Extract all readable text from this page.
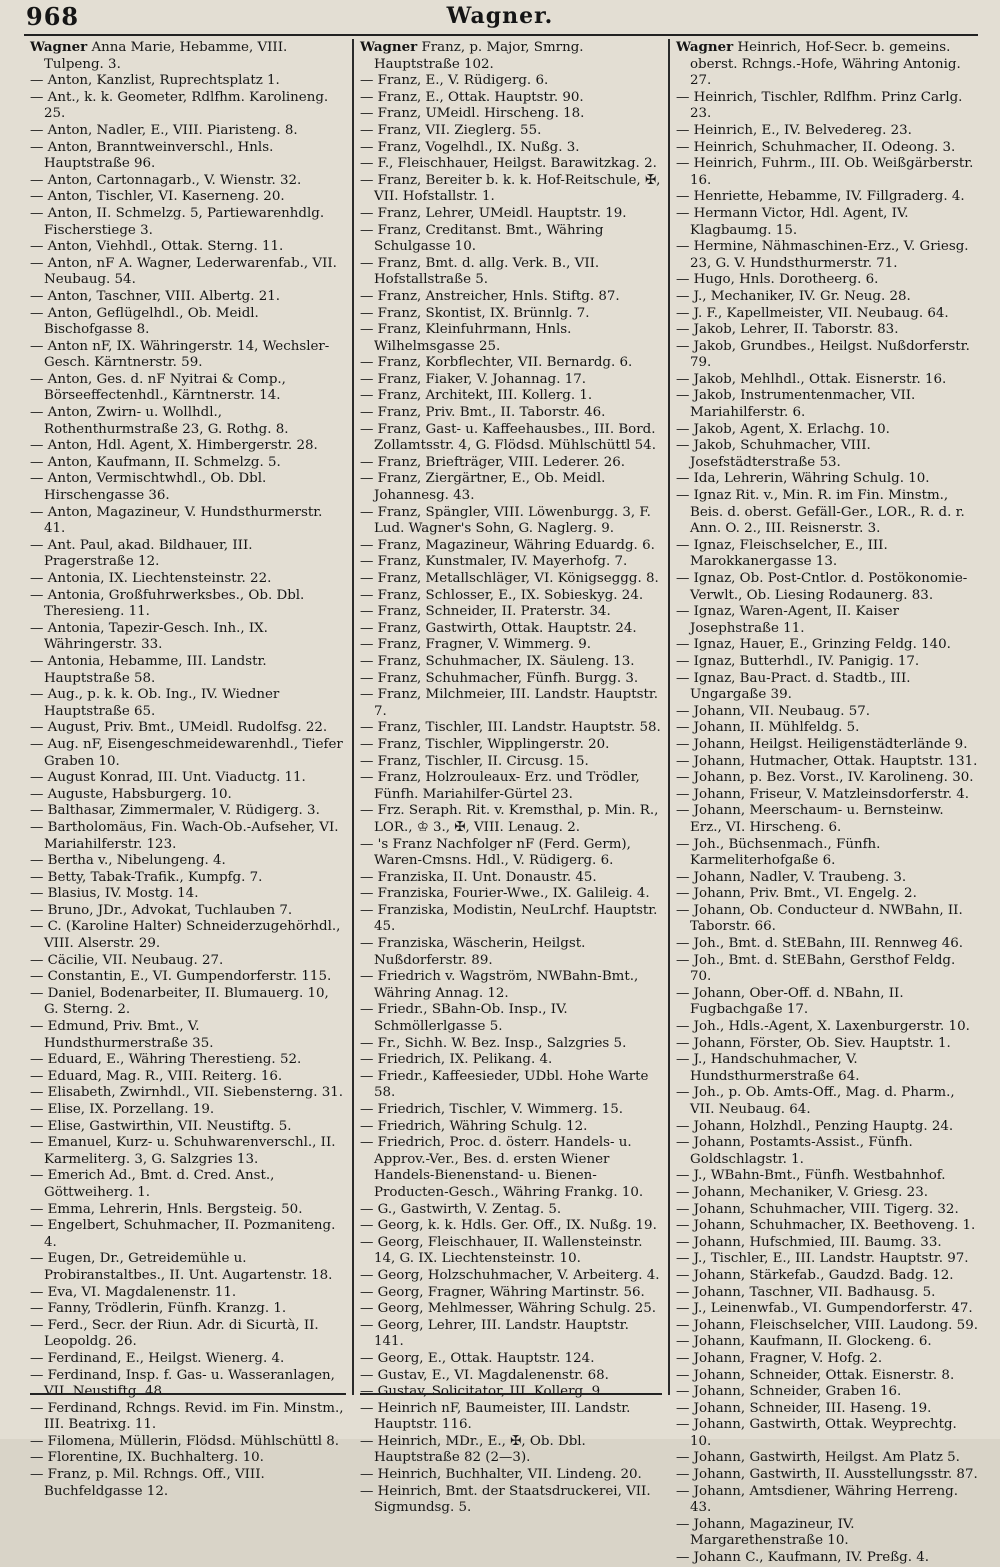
968	Wagner.
Wagner Anna Marie, Hebamme, VIII. Tulpeng. 3.
— Anton, Kanzlist, Ruprechtsplatz 1.
— Ant., k. k. Geometer, Rdlfhm. Karolineng. 25.
— Anton, Nadler, E., VIII. Piaristeng. 8.
— Anton, Branntweinverschl., Hnls. Hauptstraße 96.
— Anton, Cartonnagarb., V. Wienstr. 32.
— Anton, Tischler, VI. Kaserneng. 20.
— Anton, II. Schmelzg. 5, Partiewarenhdlg. Fischerstiege 3.
— Anton, Viehhdl., Ottak. Sterng. 11.
— Anton, nF A. Wagner, Lederwarenfab., VII. Neubaug. 54.
— Anton, Taschner, VIII. Albertg. 21.
— Anton, Geflügelhdl., Ob. Meidl. Bischofgasse 8.
— Anton nF, IX. Währingerstr. 14, Wechsler-Gesch. Kärntnerstr. 59.
— Anton, Ges. d. nF Nyitrai & Comp., Börseeffectenhdl., Kärntnerstr. 14.
— Anton, Zwirn- u. Wollhdl., Rothenthurmstraße 23, G. Rothg. 8.
— Anton, Hdl. Agent, X. Himbergerstr. 28.
— Anton, Kaufmann, II. Schmelzg. 5.
— Anton, Vermischtwhdl., Ob. Dbl. Hirschengasse 36.
— Anton, Magazineur, V. Hundsthurmerstr. 41.
— Ant. Paul, akad. Bildhauer, III. Pragerstraße 12.
— Antonia, IX. Liechtensteinstr. 22.
— Antonia, Großfuhrwerksbes., Ob. Dbl. Theresieng. 11.
— Antonia, Tapezir-Gesch. Inh., IX. Währingerstr. 33.
— Antonia, Hebamme, III. Landstr. Hauptstraße 58.
— Aug., p. k. k. Ob. Ing., IV. Wiedner Hauptstraße 65.
— August, Priv. Bmt., UMeidl. Rudolfsg. 22.
— Aug. nF, Eisengeschmeidewarenhdl., Tiefer Graben 10.
— August Konrad, III. Unt. Viaductg. 11.
— Auguste, Habsburgerg. 10.
— Balthasar, Zimmermaler, V. Rüdigerg. 3.
— Bartholomäus, Fin. Wach-Ob.-Aufseher, VI. Mariahilferstr. 123.
— Bertha v., Nibelungeng. 4.
— Betty, Tabak-Trafik., Kumpfg. 7.
— Blasius, IV. Mostg. 14.
— Bruno, JDr., Advokat, Tuchlauben 7.
— C. (Karoline Halter) Schneiderzugehörhdl., VIII. Alserstr. 29.
— Cäcilie, VII. Neubaug. 27.
— Constantin, E., VI. Gumpendorferstr. 115.
— Daniel, Bodenarbeiter, II. Blumauerg. 10, G. Sterng. 2.
— Edmund, Priv. Bmt., V. Hundsthurmerstraße 35.
— Eduard, E., Währing Therestieng. 52.
— Eduard, Mag. R., VIII. Reiterg. 16.
— Elisabeth, Zwirnhdl., VII. Siebensterng. 31.
— Elise, IX. Porzellang. 19.
— Elise, Gastwirthin, VII. Neustiftg. 5.
— Emanuel, Kurz- u. Schuhwarenverschl., II. Karmeliterg. 3, G. Salzgries 13.
— Emerich Ad., Bmt. d. Cred. Anst., Göttweiherg. 1.
— Emma, Lehrerin, Hnls. Bergsteig. 50.
— Engelbert, Schuhmacher, II. Pozmaniteng. 4.
— Eugen, Dr., Getreidemühle u. Probiranstaltbes., II. Unt. Augartenstr. 18.
— Eva, VI. Magdalenenstr. 11.
— Fanny, Trödlerin, Fünfh. Kranzg. 1.
— Ferd., Secr. der Riun. Adr. di Sicurtà, II. Leopoldg. 26.
— Ferdinand, E., Heilgst. Wienerg. 4.
— Ferdinand, Insp. f. Gas- u. Wasseranlagen, VII. Neustiftg. 48.
— Ferdinand, Rchngs. Revid. im Fin. Minstm., III. Beatrixg. 11.
— Filomena, Müllerin, Flödsd. Mühlschüttl 8.
— Florentine, IX. Buchhalterg. 10.
— Franz, p. Mil. Rchngs. Off., VIII. Buchfeldgasse 12.
Wagner Franz, p. Major, Smrng. Hauptstraße 102.
— Franz, E., V. Rüdigerg. 6.
— Franz, E., Ottak. Hauptstr. 90.
— Franz, UMeidl. Hirscheng. 18.
— Franz, VII. Zieglerg. 55.
— Franz, Vogelhdl., IX. Nußg. 3.
— F., Fleischhauer, Heilgst. Barawitzkag. 2.
— Franz, Bereiter b. k. k. Hof-Reitschule, ✠, VII. Hofstallstr. 1.
— Franz, Lehrer, UMeidl. Hauptstr. 19.
— Franz, Creditanst. Bmt., Währing Schulgasse 10.
— Franz, Bmt. d. allg. Verk. B., VII. Hofstallstraße 5.
— Franz, Anstreicher, Hnls. Stiftg. 87.
— Franz, Skontist, IX. Brünnlg. 7.
— Franz, Kleinfuhrmann, Hnls. Wilhelmsgasse 25.
— Franz, Korbflechter, VII. Bernardg. 6.
— Franz, Fiaker, V. Johannag. 17.
— Franz, Architekt, III. Kollerg. 1.
— Franz, Priv. Bmt., II. Taborstr. 46.
— Franz, Gast- u. Kaffeehausbes., III. Bord. Zollamtsstr. 4, G. Flödsd. Mühlschüttl 54.
— Franz, Briefträger, VIII. Lederer. 26.
— Franz, Ziergärtner, E., Ob. Meidl. Johannesg. 43.
— Franz, Spängler, VIII. Löwenburgg. 3, F. Lud. Wagner's Sohn, G. Naglerg. 9.
— Franz, Magazineur, Währing Eduardg. 6.
— Franz, Kunstmaler, IV. Mayerhofg. 7.
— Franz, Metallschläger, VI. Königseggg. 8.
— Franz, Schlosser, E., IX. Sobieskyg. 24.
— Franz, Schneider, II. Praterstr. 34.
— Franz, Gastwirth, Ottak. Hauptstr. 24.
— Franz, Fragner, V. Wimmerg. 9.
— Franz, Schuhmacher, IX. Säuleng. 13.
— Franz, Schuhmacher, Fünfh. Burgg. 3.
— Franz, Milchmeier, III. Landstr. Hauptstr. 7.
— Franz, Tischler, III. Landstr. Hauptstr. 58.
— Franz, Tischler, Wipplingerstr. 20.
— Franz, Tischler, II. Circusg. 15.
— Franz, Holzrouleaux- Erz. und Trödler, Fünfh. Mariahilfer-Gürtel 23.
— Frz. Seraph. Rit. v. Kremsthal, p. Min. R., LOR., ♔ 3., ✠, VIII. Lenaug. 2.
— 's Franz Nachfolger nF (Ferd. Germ), Waren-Cmsns. Hdl., V. Rüdigerg. 6.
— Franziska, II. Unt. Donaustr. 45.
— Franziska, Fourier-Wwe., IX. Galileig. 4.
— Franziska, Modistin, NeuLrchf. Hauptstr. 45.
— Franziska, Wäscherin, Heilgst. Nußdorferstr. 89.
— Friedrich v. Wagström, NWBahn-Bmt., Währing Annag. 12.
— Friedr., SBahn-Ob. Insp., IV. Schmöllerlgasse 5.
— Fr., Sichh. W. Bez. Insp., Salzgries 5.
— Friedrich, IX. Pelikang. 4.
— Friedr., Kaffeesieder, UDbl. Hohe Warte 58.
— Friedrich, Tischler, V. Wimmerg. 15.
— Friedrich, Währing Schulg. 12.
— Friedrich, Proc. d. österr. Handels- u. Approv.-Ver., Bes. d. ersten Wiener Handels-Bienenstand- u. Bienen-Producten-Gesch., Währing Frankg. 10.
— G., Gastwirth, V. Zentag. 5.
— Georg, k. k. Hdls. Ger. Off., IX. Nußg. 19.
— Georg, Fleischhauer, II. Wallensteinstr. 14, G. IX. Liechtensteinstr. 10.
— Georg, Holzschuhmacher, V. Arbeiterg. 4.
— Georg, Fragner, Währing Martinstr. 56.
— Georg, Mehlmesser, Währing Schulg. 25.
— Georg, Lehrer, III. Landstr. Hauptstr. 141.
— Georg, E., Ottak. Hauptstr. 124.
— Gustav, E., VI. Magdalenenstr. 68.
— Gustav, Solicitator, III. Kollerg. 9.
— Heinrich nF, Baumeister, III. Landstr. Hauptstr. 116.
— Heinrich, MDr., E., ✠, Ob. Dbl. Hauptstraße 82 (2—3).
— Heinrich, Buchhalter, VII. Lindeng. 20.
— Heinrich, Bmt. der Staatsdruckerei, VII. Sigmundsg. 5.
Wagner Heinrich, Hof-Secr. b. gemeins. oberst. Rchngs.-Hofe, Währing Antonig. 27.
— Heinrich, Tischler, Rdlfhm. Prinz Carlg. 23.
— Heinrich, E., IV. Belvedereg. 23.
— Heinrich, Schuhmacher, II. Odeong. 3.
— Heinrich, Fuhrm., III. Ob. Weißgärberstr. 16.
— Henriette, Hebamme, IV. Fillgraderg. 4.
— Hermann Victor, Hdl. Agent, IV. Klagbaumg. 15.
— Hermine, Nähmaschinen-Erz., V. Griesg. 23, G. V. Hundsthurmerstr. 71.
— Hugo, Hnls. Dorotheerg. 6.
— J., Mechaniker, IV. Gr. Neug. 28.
— J. F., Kapellmeister, VII. Neubaug. 64.
— Jakob, Lehrer, II. Taborstr. 83.
— Jakob, Grundbes., Heilgst. Nußdorferstr. 79.
— Jakob, Mehlhdl., Ottak. Eisnerstr. 16.
— Jakob, Instrumentenmacher, VII. Mariahilferstr. 6.
— Jakob, Agent, X. Erlachg. 10.
— Jakob, Schuhmacher, VIII. Josefstädterstraße 53.
— Ida, Lehrerin, Währing Schulg. 10.
— Ignaz Rit. v., Min. R. im Fin. Minstm., Beis. d. oberst. Gefäll-Ger., LOR., R. d. r. Ann. O. 2., III. Reisnerstr. 3.
— Ignaz, Fleischselcher, E., III. Marokkanergasse 13.
— Ignaz, Ob. Post-Cntlor. d. Postökonomie-Verwlt., Ob. Liesing Rodaunerg. 83.
— Ignaz, Waren-Agent, II. Kaiser Josephstraße 11.
— Ignaz, Hauer, E., Grinzing Feldg. 140.
— Ignaz, Butterhdl., IV. Panigig. 17.
— Ignaz, Bau-Pract. d. Stadtb., III. Ungargaße 39.
— Johann, VII. Neubaug. 57.
— Johann, II. Mühlfeldg. 5.
— Johann, Heilgst. Heiligenstädterlände 9.
— Johann, Hutmacher, Ottak. Hauptstr. 131.
— Johann, p. Bez. Vorst., IV. Karolineng. 30.
— Johann, Friseur, V. Matzleinsdorferstr. 4.
— Johann, Meerschaum- u. Bernsteinw. Erz., VI. Hirscheng. 6.
— Joh., Büchsenmach., Fünfh. Karmeliterhofgaße 6.
— Johann, Nadler, V. Traubeng. 3.
— Johann, Priv. Bmt., VI. Engelg. 2.
— Johann, Ob. Conducteur d. NWBahn, II. Taborstr. 66.
— Joh., Bmt. d. StEBahn, III. Rennweg 46.
— Joh., Bmt. d. StEBahn, Gersthof Feldg. 70.
— Johann, Ober-Off. d. NBahn, II. Fugbachgaße 17.
— Joh., Hdls.-Agent, X. Laxenburgerstr. 10.
— Johann, Förster, Ob. Siev. Hauptstr. 1.
— J., Handschuhmacher, V. Hundsthurmerstraße 64.
— Joh., p. Ob. Amts-Off., Mag. d. Pharm., VII. Neubaug. 64.
— Johann, Holzhdl., Penzing Hauptg. 24.
— Johann, Postamts-Assist., Fünfh. Goldschlagstr. 1.
— J., WBahn-Bmt., Fünfh. Westbahnhof.
— Johann, Mechaniker, V. Griesg. 23.
— Johann, Schuhmacher, VIII. Tigerg. 32.
— Johann, Schuhmacher, IX. Beethoveng. 1.
— Johann, Hufschmied, III. Baumg. 33.
— J., Tischler, E., III. Landstr. Hauptstr. 97.
— Johann, Stärkefab., Gaudzd. Badg. 12.
— Johann, Taschner, VII. Badhausg. 5.
— J., Leinenwfab., VI. Gumpendorferstr. 47.
— Johann, Fleischselcher, VIII. Laudong. 59.
— Johann, Kaufmann, II. Glockeng. 6.
— Johann, Fragner, V. Hofg. 2.
— Johann, Schneider, Ottak. Eisnerstr. 8.
— Johann, Schneider, Graben 16.
— Johann, Schneider, III. Haseng. 19.
— Johann, Gastwirth, Ottak. Weyprechtg. 10.
— Johann, Gastwirth, Heilgst. Am Platz 5.
— Johann, Gastwirth, II. Ausstellungsstr. 87.
— Johann, Amtsdiener, Währing Herreng. 43.
— Johann, Magazineur, IV. Margarethenstraße 10.
— Johann C., Kaufmann, IV. Preßg. 4.
